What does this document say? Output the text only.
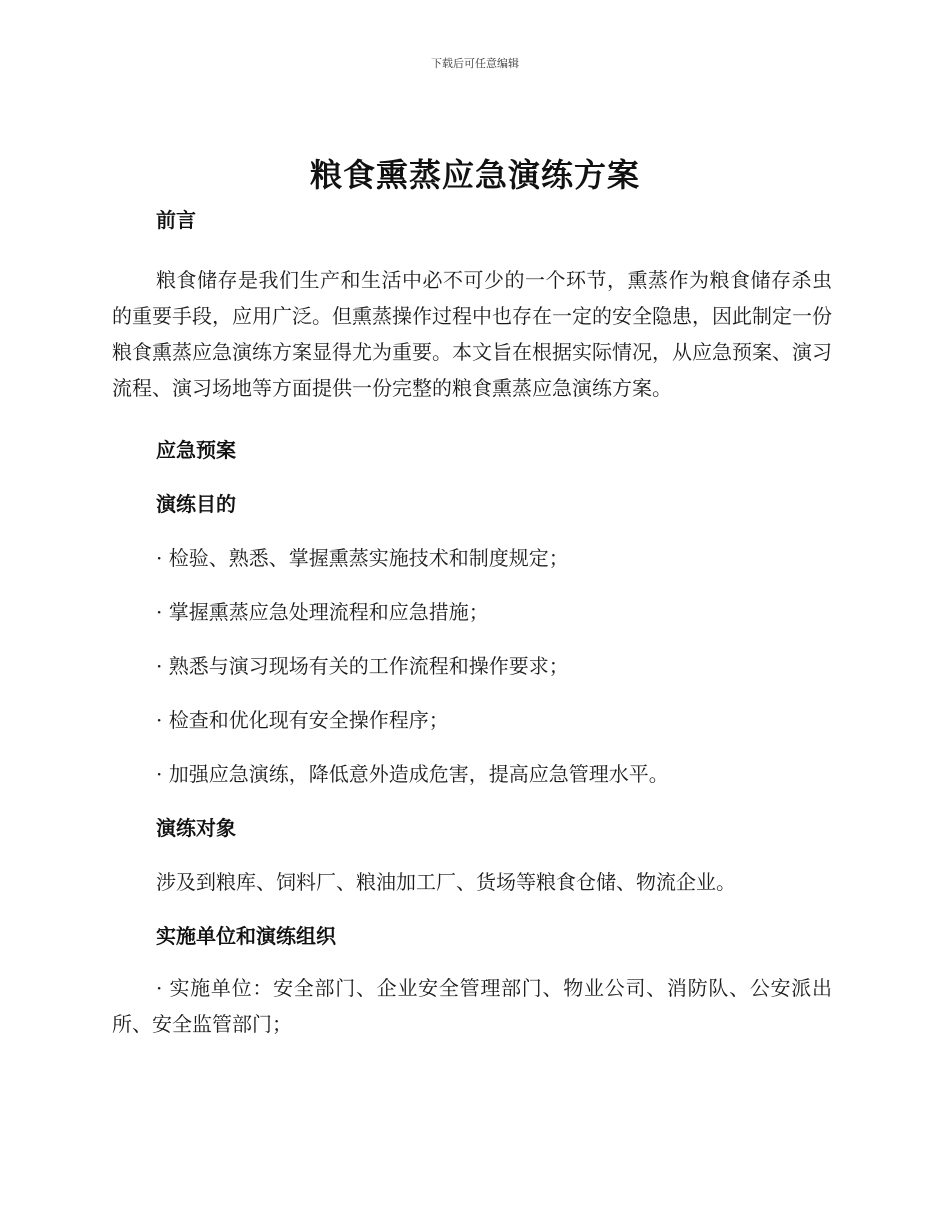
下载后可任意编辑
粮食熏蒸应急演练方案
前言

粮食储存是我们生产和生活中必不可少的一个环节，熏蒸作为粮食储存杀虫的重要手段，应用广泛。但熏蒸操作过程中也存在一定的安全隐患，因此制定一份粮食熏蒸应急演练方案显得尤为重要。本文旨在根据实际情况，从应急预案、演习流程、演习场地等方面提供一份完整的粮食熏蒸应急演练方案。

应急预案
演练目的

· 检验、熟悉、掌握熏蒸实施技术和制度规定；

· 掌握熏蒸应急处理流程和应急措施；

· 熟悉与演习现场有关的工作流程和操作要求；

· 检查和优化现有安全操作程序；

· 加强应急演练，降低意外造成危害，提高应急管理水平。

演练对象

涉及到粮库、饲料厂、粮油加工厂、货场等粮食仓储、物流企业。

实施单位和演练组织

· 实施单位：安全部门、企业安全管理部门、物业公司、消防队、公安派出所、安全监管部门；
